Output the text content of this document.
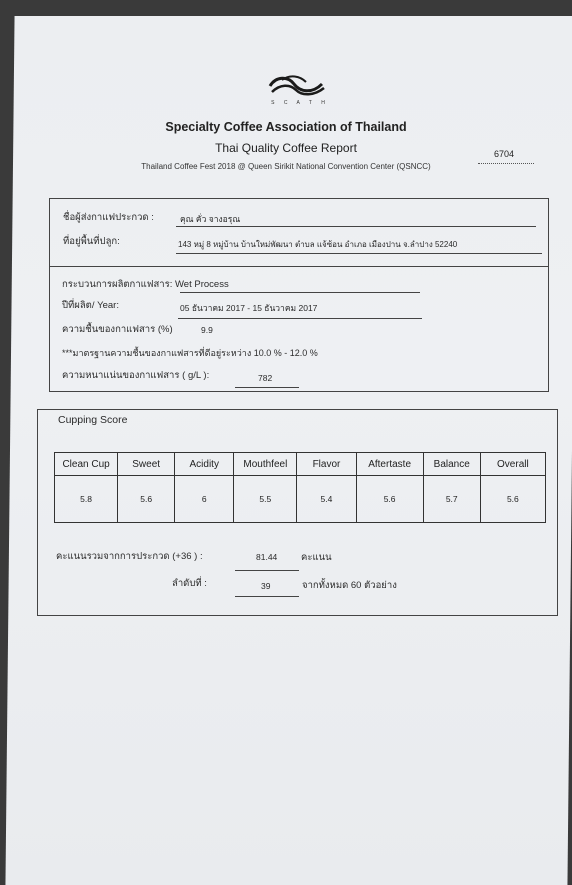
S C A T H
Specialty Coffee Association of Thailand
Thai Quality Coffee Report	6704
Thailand Coffee Fest 2018 @ Queen Sirikit National Convention Center (QSNCC)
ชื่อผู้ส่งกาแฟประกวด :	คุณ คั่ว จางอรุณ
ที่อยู่พื้นที่ปลูก:	143 หมู่ 8 หมู่บ้าน บ้านใหม่พัฒนา ตำบล แจ้ซ้อน อำเภอ เมืองปาน จ.ลำปาง 52240
กระบวนการผลิตกาแฟสาร: Wet Process
ปีที่ผลิต/ Year:	05 ธันวาคม 2017 - 15 ธันวาคม 2017
ความชื้นของกาแฟสาร (%)	9.9
***มาตรฐานความชื้นของกาแฟสารที่ดีอยู่ระหว่าง 10.0 % - 12.0 %
ความหนาแน่นของกาแฟสาร ( g/L ):	782
Cupping Score
Clean Cup	Sweet	Acidity	Mouthfeel	Flavor	Aftertaste	Balance	Overall
5.8	5.6	6	5.5	5.4	5.6	5.7	5.6
คะแนนรวมจากการประกวด (+36 ) :	81.44 คะแนน
ลำดับที่ :	39	จากทั้งหมด 60 ตัวอย่าง
